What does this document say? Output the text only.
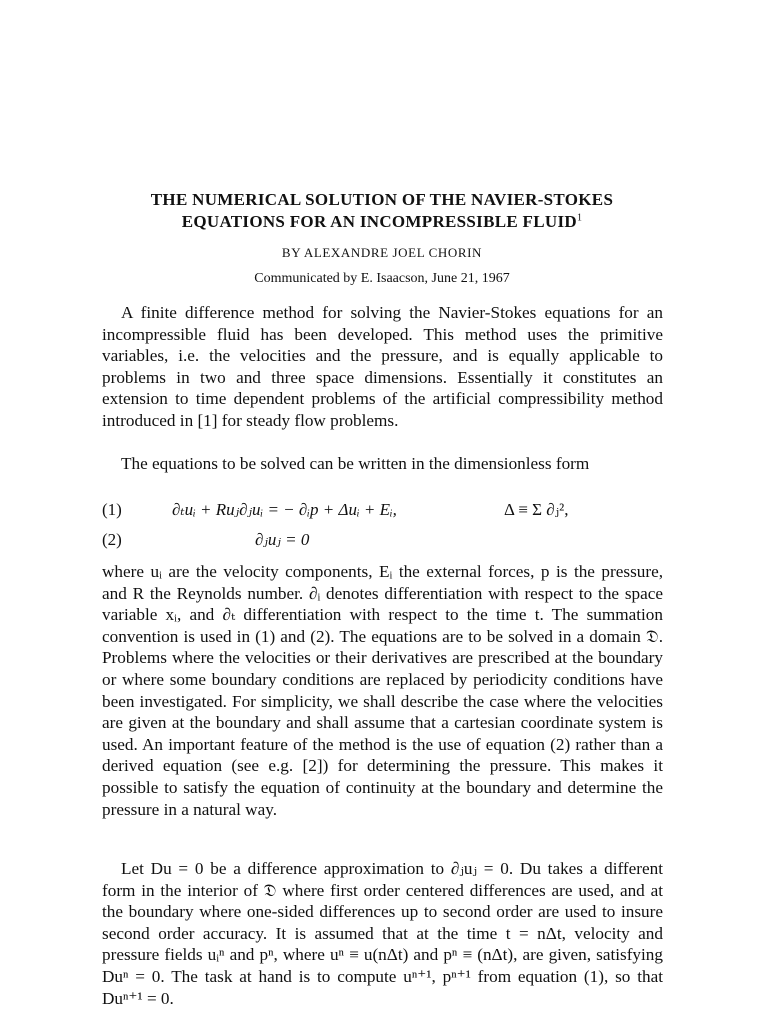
THE NUMERICAL SOLUTION OF THE NAVIER-STOKES
EQUATIONS FOR AN INCOMPRESSIBLE FLUID$^1$
BY ALEXANDRE JOEL CHORIN
Communicated by E. Isaacson, June 21, 1967

A finite difference method for solving the Navier-Stokes equations for an incompressible fluid has been developed. This method uses the primitive variables, i.e. the velocities and the pressure, and is equally applicable to problems in two and three space dimensions. Essentially it constitutes an extension to time dependent problems of the artificial compressibility method introduced in [1] for steady flow problems.

The equations to be solved can be written in the dimensionless form

(1)	∂ₜuᵢ + Ruⱼ∂ⱼuᵢ = − ∂ᵢp + Δuᵢ + Eᵢ,	Δ ≡ Σ ∂ⱼ²,
(2)	∂ⱼuⱼ = 0

where uᵢ are the velocity components, Eᵢ the external forces, p is the pressure, and R the Reynolds number. ∂ᵢ denotes differentiation with respect to the space variable xᵢ, and ∂ₜ differentiation with respect to the time t. The summation convention is used in (1) and (2). The equations are to be solved in a domain 𝔇. Problems where the velocities or their derivatives are prescribed at the boundary or where some boundary conditions are replaced by periodicity conditions have been investigated. For simplicity, we shall describe the case where the velocities are given at the boundary and shall assume that a cartesian coordinate system is used. An important feature of the method is the use of equation (2) rather than a derived equation (see e.g. [2]) for determining the pressure. This makes it possible to satisfy the equation of continuity at the boundary and determine the pressure in a natural way.

Let Du = 0 be a difference approximation to ∂ⱼuⱼ = 0. Du takes a different form in the interior of 𝔇 where first order centered differences are used, and at the boundary where one-sided differences up to second order are used to insure second order accuracy. It is assumed that at the time t = nΔt, velocity and pressure fields uᵢⁿ and pⁿ, where uⁿ ≡ u(nΔt) and pⁿ ≡ (nΔt), are given, satisfying Duⁿ = 0. The task at hand is to compute uⁿ⁺¹, pⁿ⁺¹ from equation (1), so that Duⁿ⁺¹ = 0.
